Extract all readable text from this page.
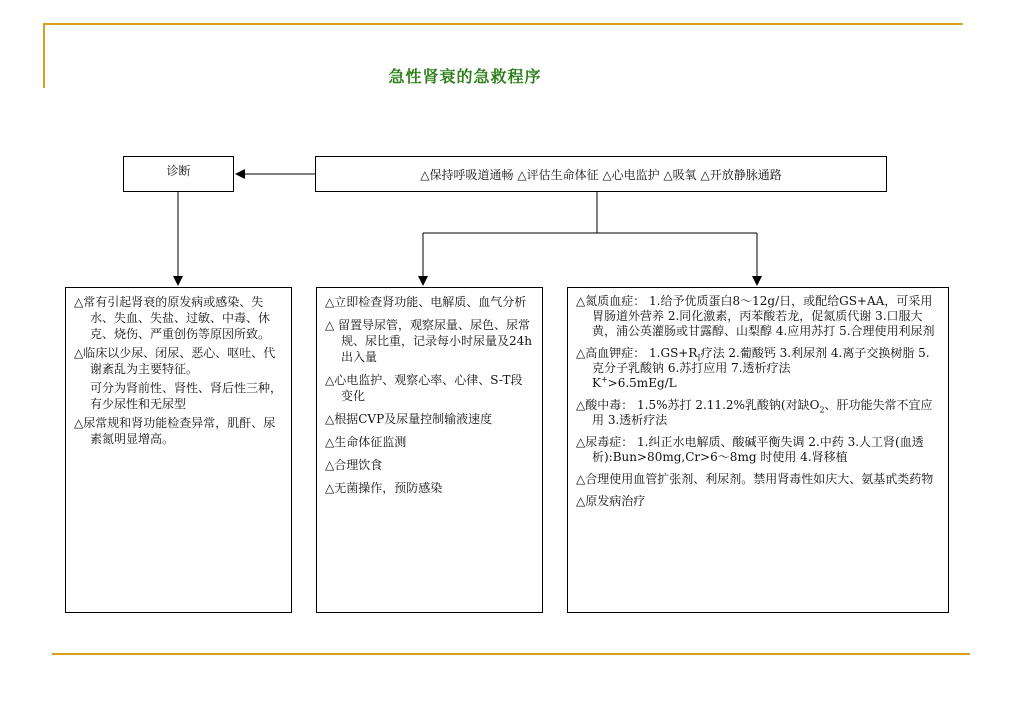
急性肾衰的急救程序
诊断	△保持呼吸道通畅 △评估生命体征 △心电监护 △吸氧 △开放静脉通路
△常有引起肾衰的原发病或感染、失水、失血、失盐、过敏、中毒、休克、烧伤、严重创伤等原因所致。
△临床以少尿、闭尿、恶心、呕吐、代谢紊乱为主要特征。
可分为肾前性、肾性、肾后性三种，有少尿性和无尿型
△尿常规和肾功能检查异常，肌酐、尿素氮明显增高。
△立即检查肾功能、电解质、血气分析
△ 留置导尿管，观察尿量、尿色、尿常规、尿比重，记录每小时尿量及24h出入量
△心电监护、观察心率、心律、S-T段变化
△根据CVP及尿量控制输液速度
△生命体征监测
△合理饮食
△无菌操作，预防感染
△氮质血症： 1.给予优质蛋白8～12g/日，或配给GS+AA，可采用胃肠道外营养 2.同化激素，丙苯酸若龙，促氮质代谢 3.口服大黄，浦公英灌肠或甘露醇、山梨醇 4.应用苏打 5.合理使用利尿剂
△高血钾症： $1.GS+R_I$疗法 2.葡酸钙 3.利尿剂 4.离子交换树脂 5.克分子乳酸钠 6.苏打应用 7.透析疗法
K+>6.5mEg/L
△酸中毒： 1.5%苏打 2.11.2%乳酸钠(对缺$O_2$、肝功能失常不宜应用 3.透析疗法
△尿毒症： 1.纠正水电解质、酸碱平衡失调 2.中药 3.人工肾(血透析):Bun>80mg,Cr>6～8mg 时使用 4.肾移植
△合理使用血管扩张剂、利尿剂。禁用肾毒性如庆大、氨基甙类药物
△原发病治疗
